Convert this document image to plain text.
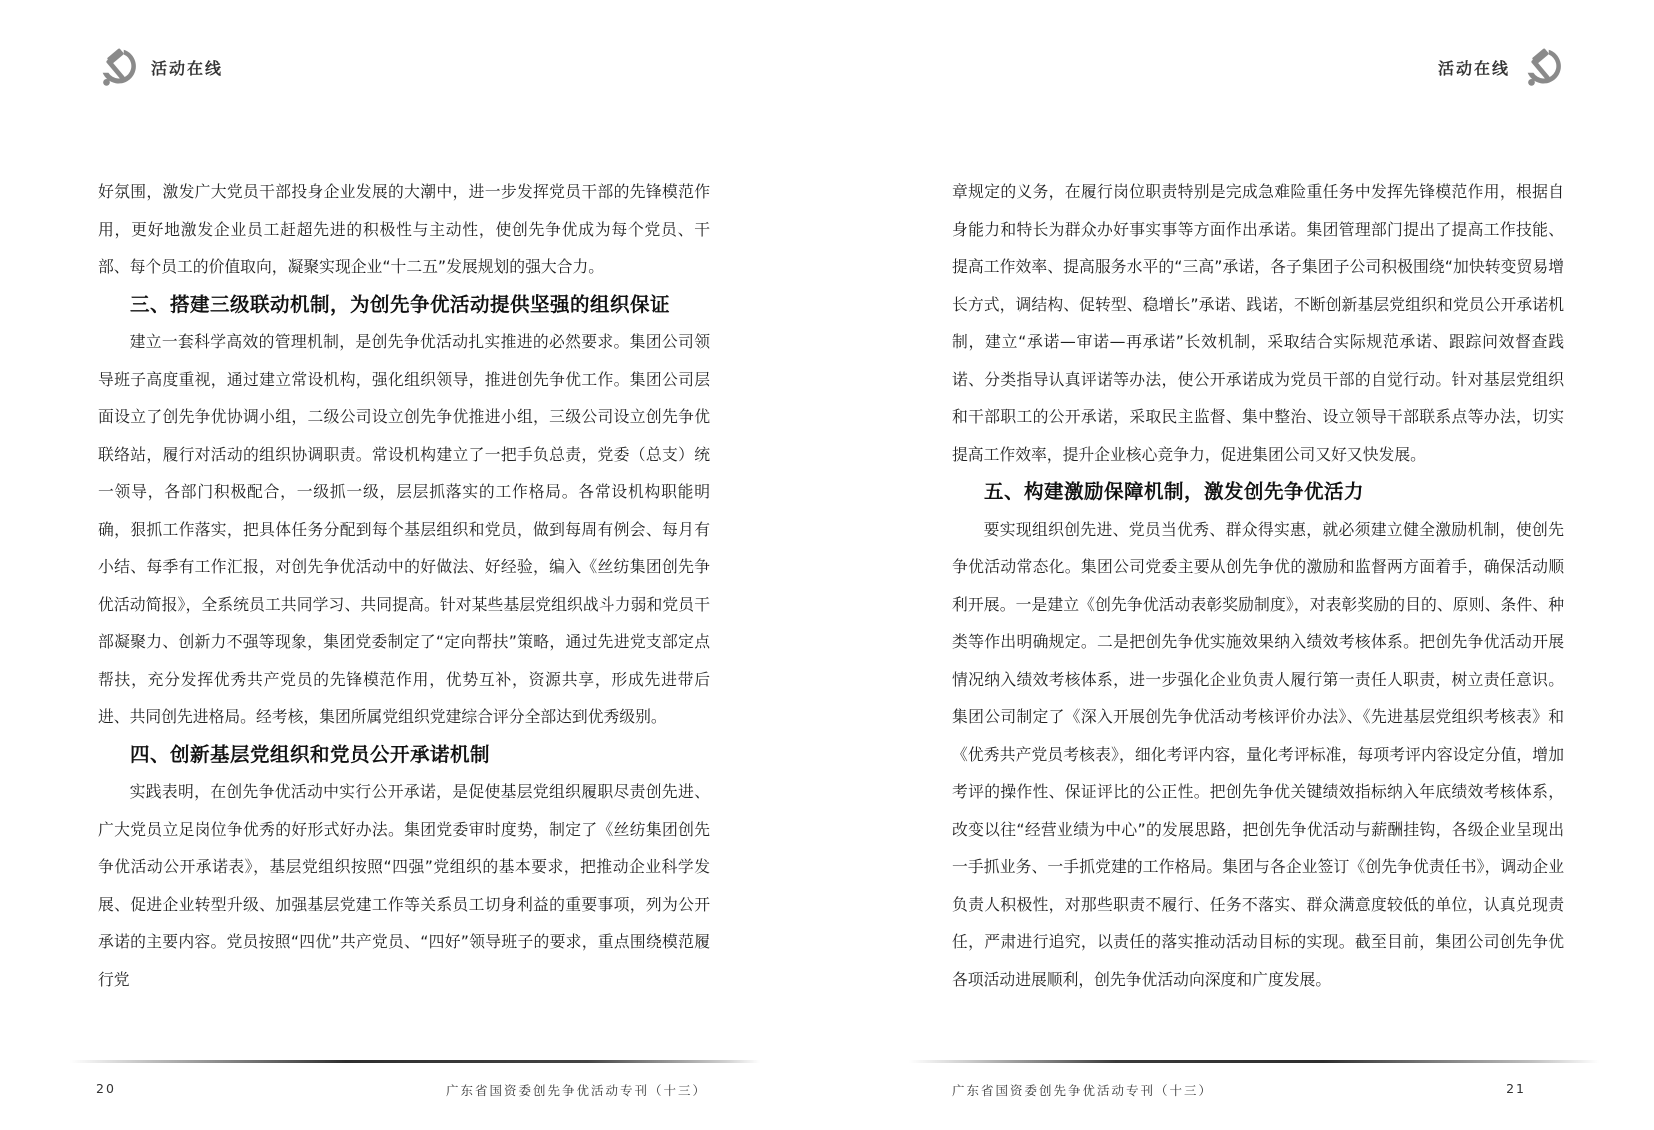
活动在线

好氛围，激发广大党员干部投身企业发展的大潮中，进一步发挥党员干部的先锋模范作用，更好地激发企业员工赶超先进的积极性与主动性，使创先争优成为每个党员、干部、每个员工的价值取向，凝聚实现企业“十二五”发展规划的强大合力。

三、搭建三级联动机制，为创先争优活动提供坚强的组织保证

建立一套科学高效的管理机制，是创先争优活动扎实推进的必然要求。集团公司领导班子高度重视，通过建立常设机构，强化组织领导，推进创先争优工作。集团公司层面设立了创先争优协调小组，二级公司设立创先争优推进小组，三级公司设立创先争优联络站，履行对活动的组织协调职责。常设机构建立了一把手负总责，党委（总支）统一领导，各部门积极配合，一级抓一级，层层抓落实的工作格局。各常设机构职能明确，狠抓工作落实，把具体任务分配到每个基层组织和党员，做到每周有例会、每月有小结、每季有工作汇报，对创先争优活动中的好做法、好经验，编入《丝纺集团创先争优活动简报》，全系统员工共同学习、共同提高。针对某些基层党组织战斗力弱和党员干部凝聚力、创新力不强等现象，集团党委制定了“定向帮扶”策略，通过先进党支部定点帮扶，充分发挥优秀共产党员的先锋模范作用，优势互补，资源共享，形成先进带后进、共同创先进格局。经考核，集团所属党组织党建综合评分全部达到优秀级别。

四、创新基层党组织和党员公开承诺机制

实践表明，在创先争优活动中实行公开承诺，是促使基层党组织履职尽责创先进、广大党员立足岗位争优秀的好形式好办法。集团党委审时度势，制定了《丝纺集团创先争优活动公开承诺表》，基层党组织按照“四强”党组织的基本要求，把推动企业科学发展、促进企业转型升级、加强基层党建工作等关系员工切身利益的重要事项，列为公开承诺的主要内容。党员按照“四优”共产党员、“四好”领导班子的要求，重点围绕模范履行党

20	广东省国资委创先争优活动专刊（十三）
活动在线

章规定的义务，在履行岗位职责特别是完成急难险重任务中发挥先锋模范作用，根据自身能力和特长为群众办好事实事等方面作出承诺。集团管理部门提出了提高工作技能、提高工作效率、提高服务水平的“三高”承诺，各子集团子公司积极围绕“加快转变贸易增长方式，调结构、促转型、稳增长”承诺、践诺，不断创新基层党组织和党员公开承诺机制，建立“承诺—审诺—再承诺”长效机制，采取结合实际规范承诺、跟踪问效督查践诺、分类指导认真评诺等办法，使公开承诺成为党员干部的自觉行动。针对基层党组织和干部职工的公开承诺，采取民主监督、集中整治、设立领导干部联系点等办法，切实提高工作效率，提升企业核心竞争力，促进集团公司又好又快发展。

五、构建激励保障机制，激发创先争优活力

要实现组织创先进、党员当优秀、群众得实惠，就必须建立健全激励机制，使创先争优活动常态化。集团公司党委主要从创先争优的激励和监督两方面着手，确保活动顺利开展。一是建立《创先争优活动表彰奖励制度》，对表彰奖励的目的、原则、条件、种类等作出明确规定。二是把创先争优实施效果纳入绩效考核体系。把创先争优活动开展情况纳入绩效考核体系，进一步强化企业负责人履行第一责任人职责，树立责任意识。集团公司制定了《深入开展创先争优活动考核评价办法》、《先进基层党组织考核表》和《优秀共产党员考核表》，细化考评内容，量化考评标准，每项考评内容设定分值，增加考评的操作性、保证评比的公正性。把创先争优关键绩效指标纳入年底绩效考核体系，改变以往“经营业绩为中心”的发展思路，把创先争优活动与薪酬挂钩，各级企业呈现出一手抓业务、一手抓党建的工作格局。集团与各企业签订《创先争优责任书》，调动企业负责人积极性，对那些职责不履行、任务不落实、群众满意度较低的单位，认真兑现责任，严肃进行追究，以责任的落实推动活动目标的实现。截至目前，集团公司创先争优各项活动进展顺利，创先争优活动向深度和广度发展。

广东省国资委创先争优活动专刊（十三）	21
